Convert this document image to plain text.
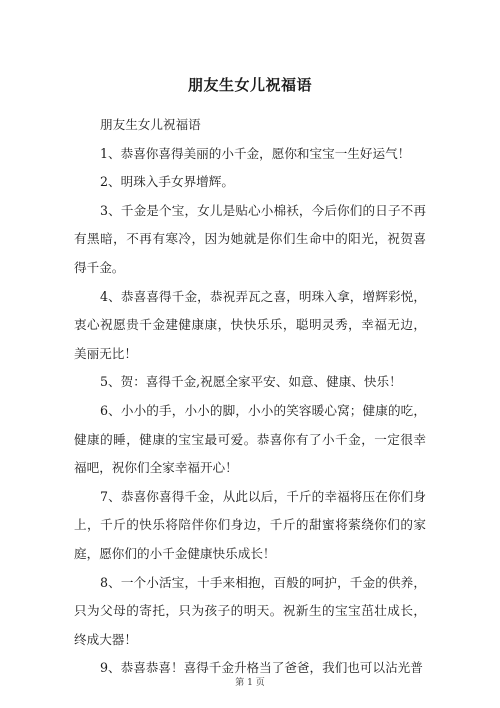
朋友生女儿祝福语

朋友生女儿祝福语

1、恭喜你喜得美丽的小千金，愿你和宝宝一生好运气！

2、明珠入手女界增辉。

3、千金是个宝，女儿是贴心小棉袄，今后你们的日子不再有黑暗，不再有寒冷，因为她就是你们生命中的阳光，祝贺喜得千金。

4、恭喜喜得千金，恭祝弄瓦之喜，明珠入拿，增辉彩悦，衷心祝愿贵千金建健康康，快快乐乐，聪明灵秀，幸福无边，美丽无比！

5、贺：喜得千金,祝愿全家平安、如意、健康、快乐！

6、小小的手，小小的脚，小小的笑容暖心窝；健康的吃，健康的睡，健康的宝宝最可爱。恭喜你有了小千金，一定很幸福吧，祝你们全家幸福开心！

7、恭喜你喜得千金，从此以后，千斤的幸福将压在你们身上，千斤的快乐将陪伴你们身边，千斤的甜蜜将萦绕你们的家庭，愿你们的小千金健康快乐成长！

8、一个小活宝，十手来相抱，百般的呵护，千金的供养，只为父母的寄托，只为孩子的明天。祝新生的宝宝茁壮成长，终成大器！

9、恭喜恭喜！喜得千金升格当了爸爸，我们也可以沾光普

第 1 页
